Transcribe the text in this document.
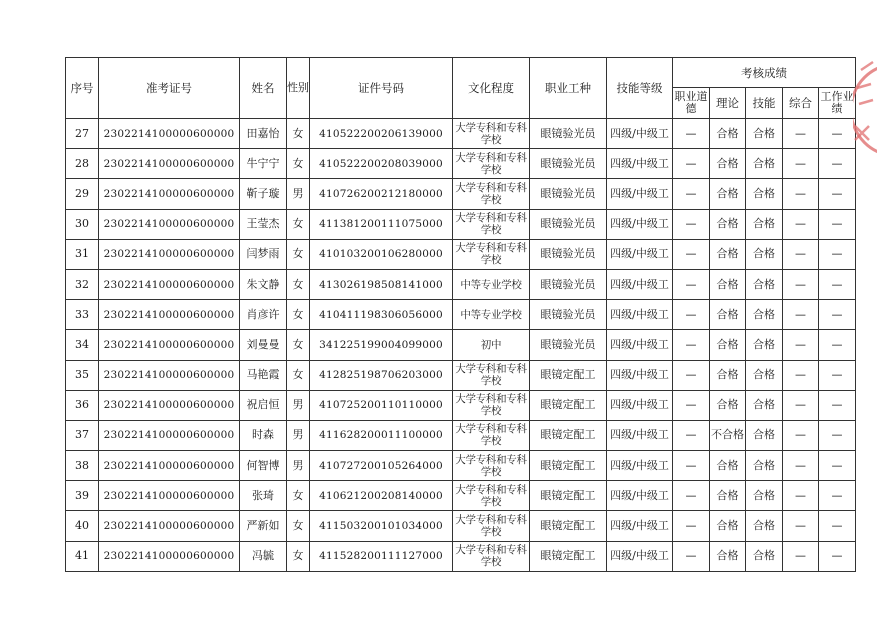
序号	准考证号	姓名	性别	证件号码	文化程度	职业工种	技能等级	考核成绩				
								职业道德	理论	技能	综合	工作业绩
27	2302214100000600000	田嘉怡	女	410522200206139000	大学专科和专科学校	眼镜验光员	四级/中级工	—	合格	合格	—	—
28	2302214100000600000	牛宁宁	女	410522200208039000	大学专科和专科学校	眼镜验光员	四级/中级工	—	合格	合格	—	—
29	2302214100000600000	靳子璇	男	410726200212180000	大学专科和专科学校	眼镜验光员	四级/中级工	—	合格	合格	—	—
30	2302214100000600000	王莹杰	女	411381200111075000	大学专科和专科学校	眼镜验光员	四级/中级工	—	合格	合格	—	—
31	2302214100000600000	闫梦雨	女	410103200106280000	大学专科和专科学校	眼镜验光员	四级/中级工	—	合格	合格	—	—
32	2302214100000600000	朱文静	女	413026198508141000	中等专业学校	眼镜验光员	四级/中级工	—	合格	合格	—	—
33	2302214100000600000	肖彦许	女	410411198306056000	中等专业学校	眼镜验光员	四级/中级工	—	合格	合格	—	—
34	2302214100000600000	刘曼曼	女	341225199004099000	初中	眼镜验光员	四级/中级工	—	合格	合格	—	—
35	2302214100000600000	马艳霞	女	412825198706203000	大学专科和专科学校	眼镜定配工	四级/中级工	—	合格	合格	—	—
36	2302214100000600000	祝启恒	男	410725200110110000	大学专科和专科学校	眼镜定配工	四级/中级工	—	合格	合格	—	—
37	2302214100000600000	时森	男	411628200011100000	大学专科和专科学校	眼镜定配工	四级/中级工	—	不合格	合格	—	—
38	2302214100000600000	何智博	男	410727200105264000	大学专科和专科学校	眼镜定配工	四级/中级工	—	合格	合格	—	—
39	2302214100000600000	张琦	女	410621200208140000	大学专科和专科学校	眼镜定配工	四级/中级工	—	合格	合格	—	—
40	2302214100000600000	严新如	女	411503200101034000	大学专科和专科学校	眼镜定配工	四级/中级工	—	合格	合格	—	—
41	2302214100000600000	冯毓	女	411528200111127000	大学专科和专科学校	眼镜定配工	四级/中级工	—	合格	合格	—	—
